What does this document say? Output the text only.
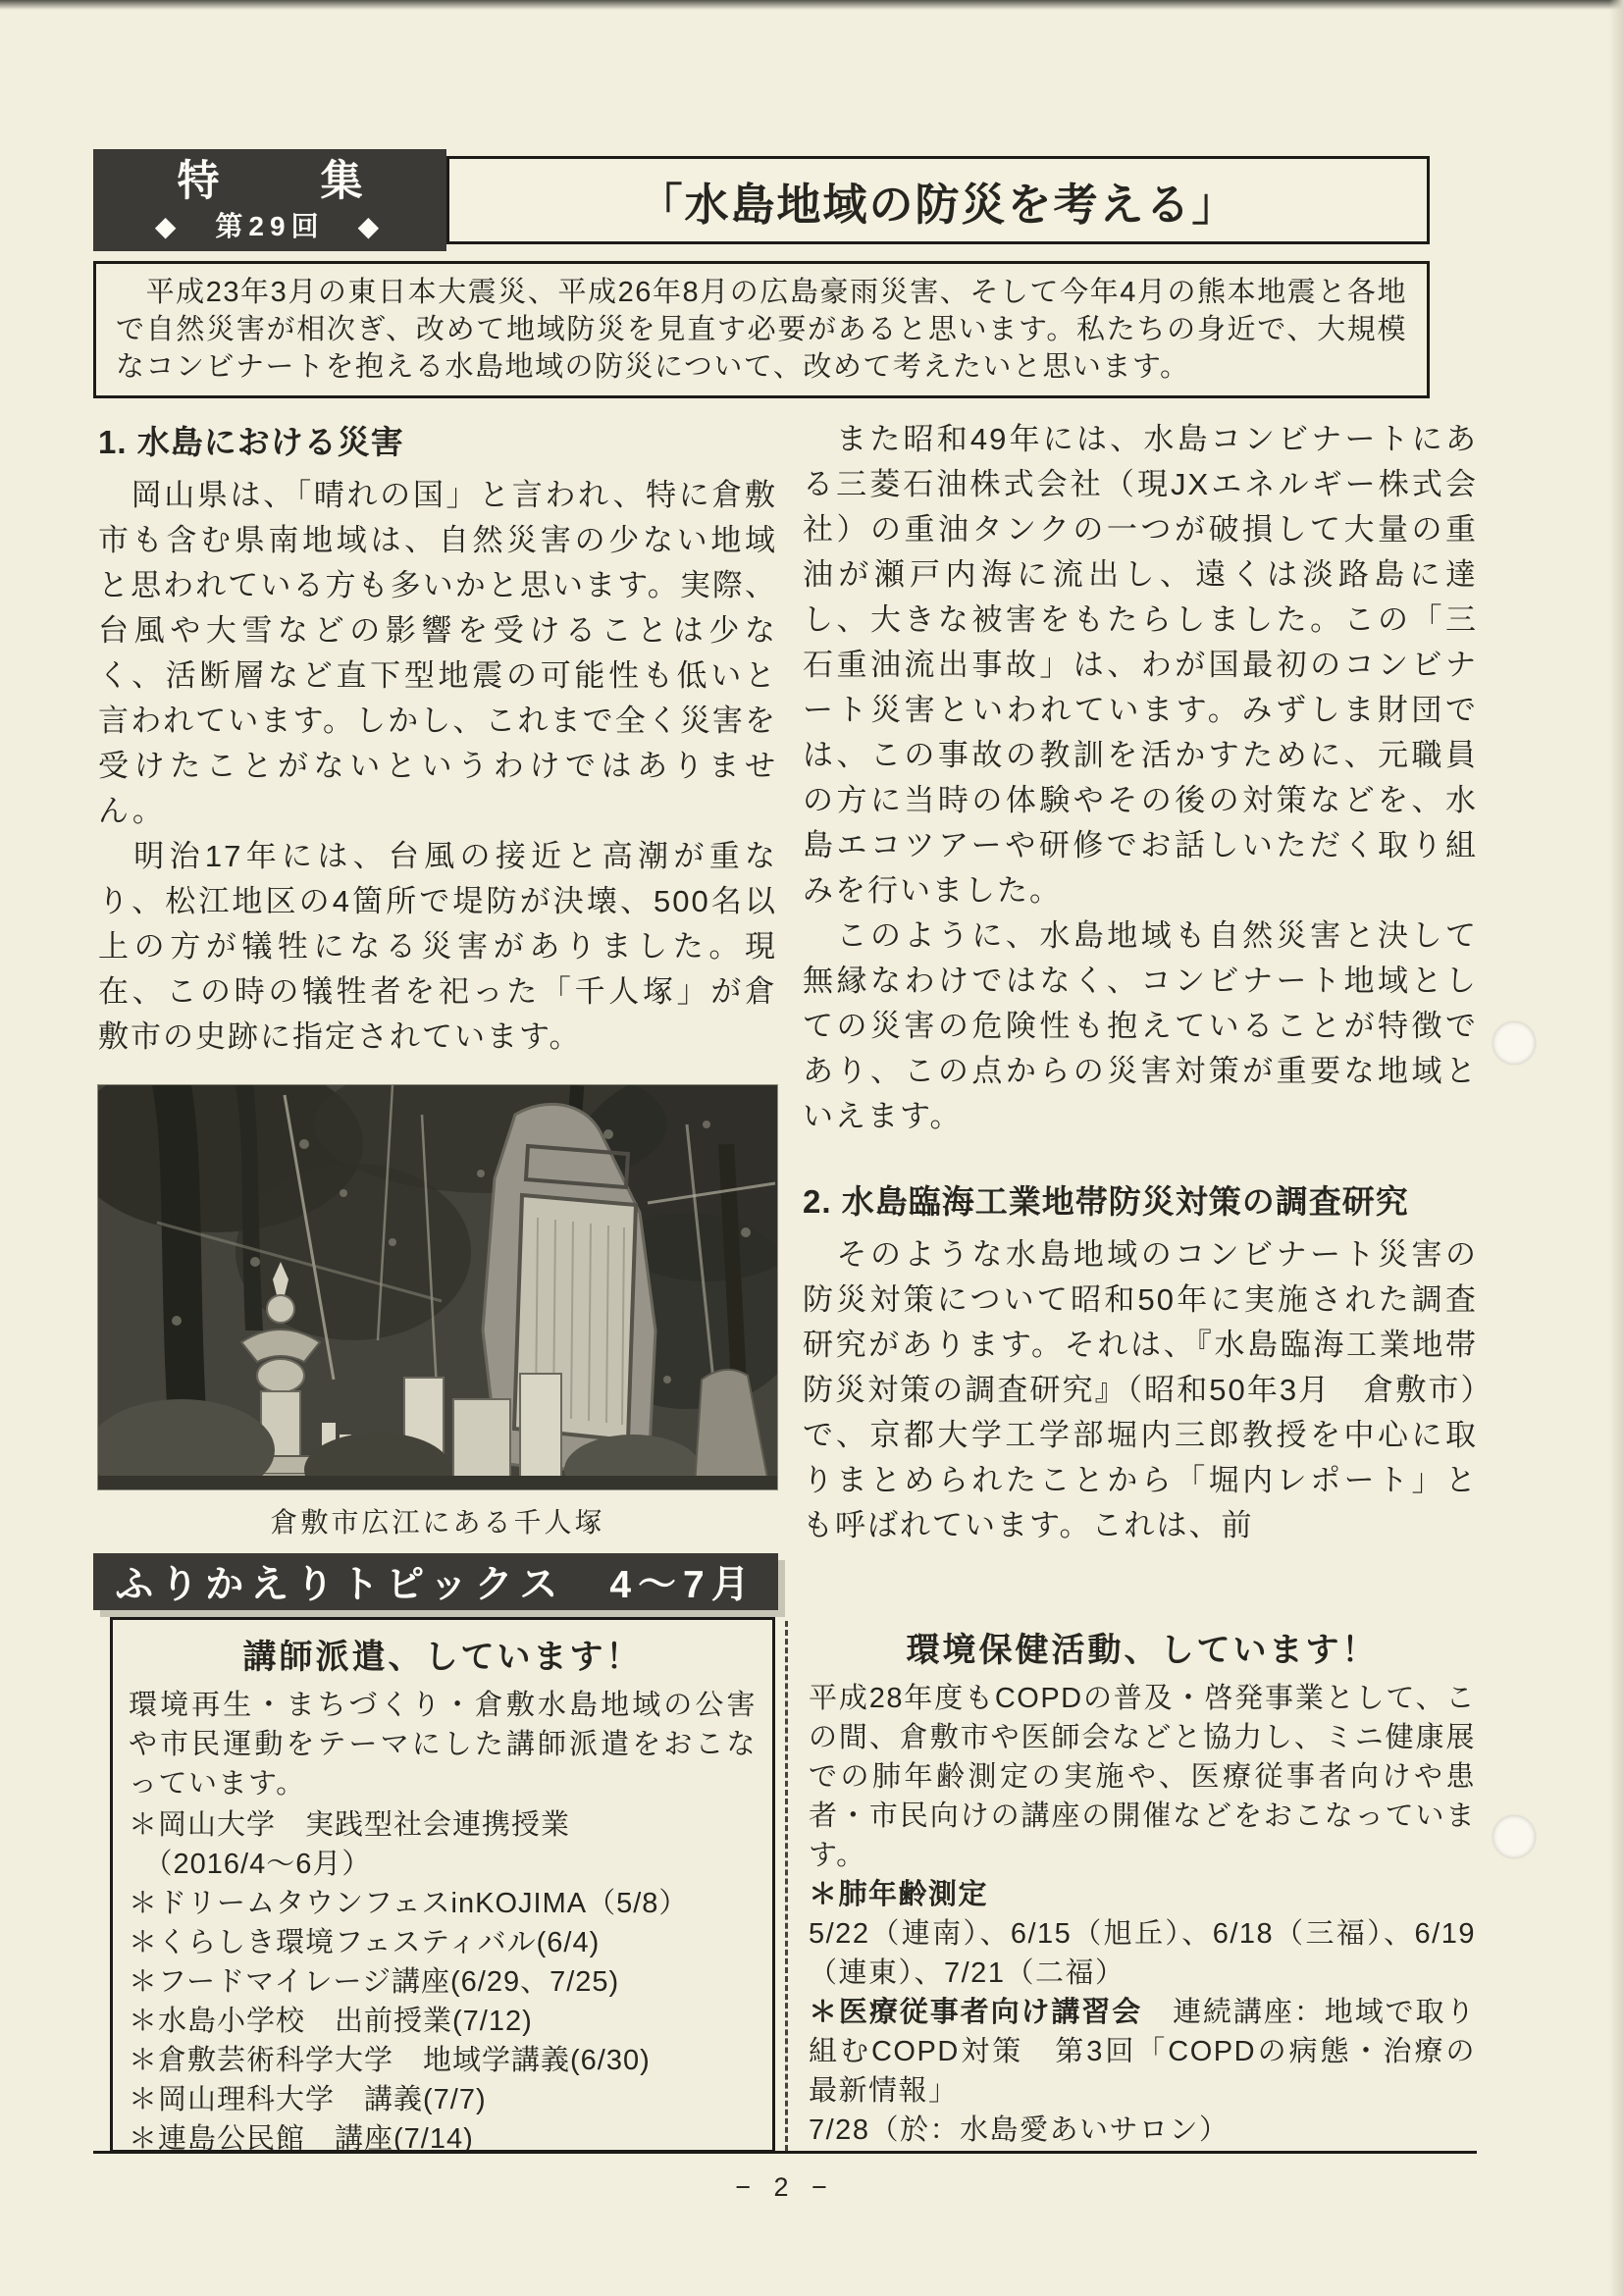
特　集
◆　第29回　◆	「水島地域の防災を考える」

　平成23年3月の東日本大震災、平成26年8月の広島豪雨災害、そして今年4月の熊本地震と各地で自然災害が相次ぎ、改めて地域防災を見直す必要があると思います。私たちの身近で、大規模なコンビナートを抱える水島地域の防災について、改めて考えたいと思います。

1. 水島における災害

　岡山県は、「晴れの国」と言われ、特に倉敷市も含む県南地域は、自然災害の少ない地域と思われている方も多いかと思います。実際、台風や大雪などの影響を受けることは少なく、活断層など直下型地震の可能性も低いと言われています。しかし、これまで全く災害を受けたことがないというわけではありません。

　明治17年には、台風の接近と高潮が重なり、松江地区の4箇所で堤防が決壊、500名以上の方が犠牲になる災害がありました。現在、この時の犠牲者を祀った「千人塚」が倉敷市の史跡に指定されています。

倉敷市広江にある千人塚

　また昭和49年には、水島コンビナートにある三菱石油株式会社（現JXエネルギー株式会社）の重油タンクの一つが破損して大量の重油が瀬戸内海に流出し、遠くは淡路島に達し、大きな被害をもたらしました。この「三石重油流出事故」は、わが国最初のコンビナート災害といわれています。みずしま財団では、この事故の教訓を活かすために、元職員の方に当時の体験やその後の対策などを、水島エコツアーや研修でお話しいただく取り組みを行いました。

　このように、水島地域も自然災害と決して無縁なわけではなく、コンビナート地域としての災害の危険性も抱えていることが特徴であり、この点からの災害対策が重要な地域といえます。

2. 水島臨海工業地帯防災対策の調査研究

　そのような水島地域のコンビナート災害の防災対策について昭和50年に実施された調査研究があります。それは、『水島臨海工業地帯防災対策の調査研究』（昭和50年3月　倉敷市）で、京都大学工学部堀内三郎教授を中心に取りまとめられたことから「堀内レポート」とも呼ばれています。これは、前

ふりかえりトピックス　4～7月
講師派遣、しています！

環境再生・まちづくり・倉敷水島地域の公害や市民運動をテーマにした講師派遣をおこなっています。

＊岡山大学　実践型社会連携授業
　（2016/4～6月）
＊ドリームタウンフェスinKOJIMA（5/8）
＊くらしき環境フェスティバル(6/4)
＊フードマイレージ講座(6/29、7/25)
＊水島小学校　出前授業(7/12)
＊倉敷芸術科学大学　地域学講義(6/30)
＊岡山理科大学　講義(7/7)
＊連島公民館　講座(7/14)
環境保健活動、しています！

平成28年度もCOPDの普及・啓発事業として、この間、倉敷市や医師会などと協力し、ミニ健康展での肺年齢測定の実施や、医療従事者向けや患者・市民向けの講座の開催などをおこなっています。

＊肺年齢測定

5/22（連南）、6/15（旭丘）、6/18（三福）、6/19（連東）、7/21（二福）

＊医療従事者向け講習会　連続講座：地域で取り組むCOPD対策　第3回「COPDの病態・治療の最新情報」

7/28（於：水島愛あいサロン）

− 2 −
